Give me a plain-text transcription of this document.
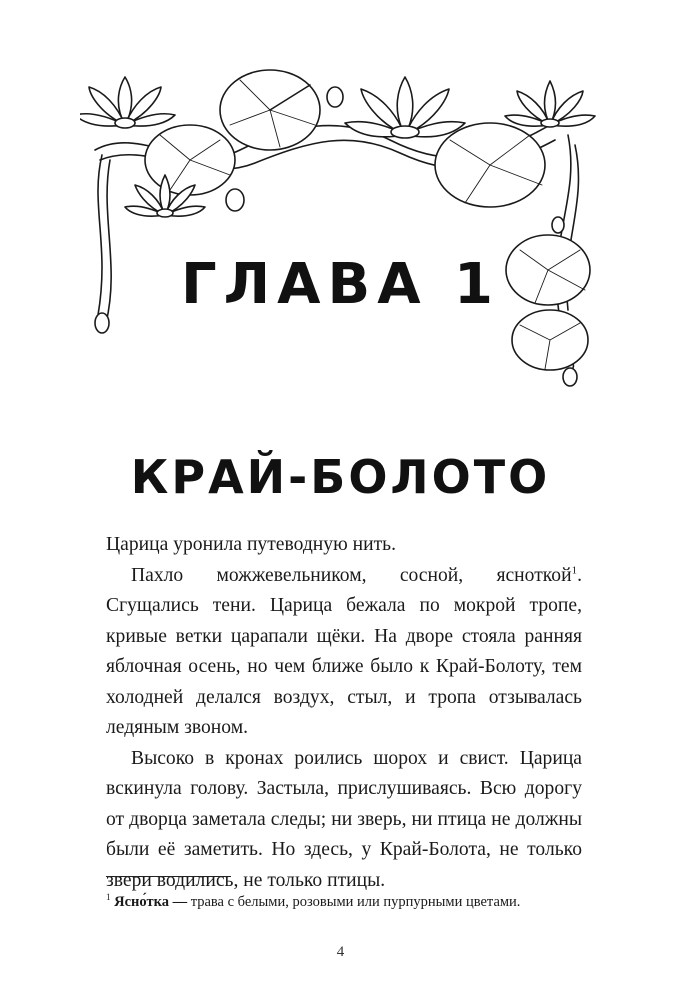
ГЛАВА 1
КРАЙ-БОЛОТО

Царица уронила путеводную нить.

Пахло можжевельником, сосной, ясноткой$^1$. Сгущались тени. Царица бежала по мокрой тропе, кривые ветки царапали щёки. На дворе стояла ранняя яблочная осень, но чем ближе было к Край-Болоту, тем холодней делался воздух, стыл, и тропа отзывалась ледяным звоном.

Высоко в кронах роились шорох и свист. Царица вскинула голову. Застыла, прислушиваясь. Всю дорогу от дворца заметала следы; ни зверь, ни птица не должны были её заметить. Но здесь, у Край-Болота, не только звери водились, не только птицы.

$^1$ Ясно́тка — трава с белыми, розовыми или пурпурными цветами.
4
